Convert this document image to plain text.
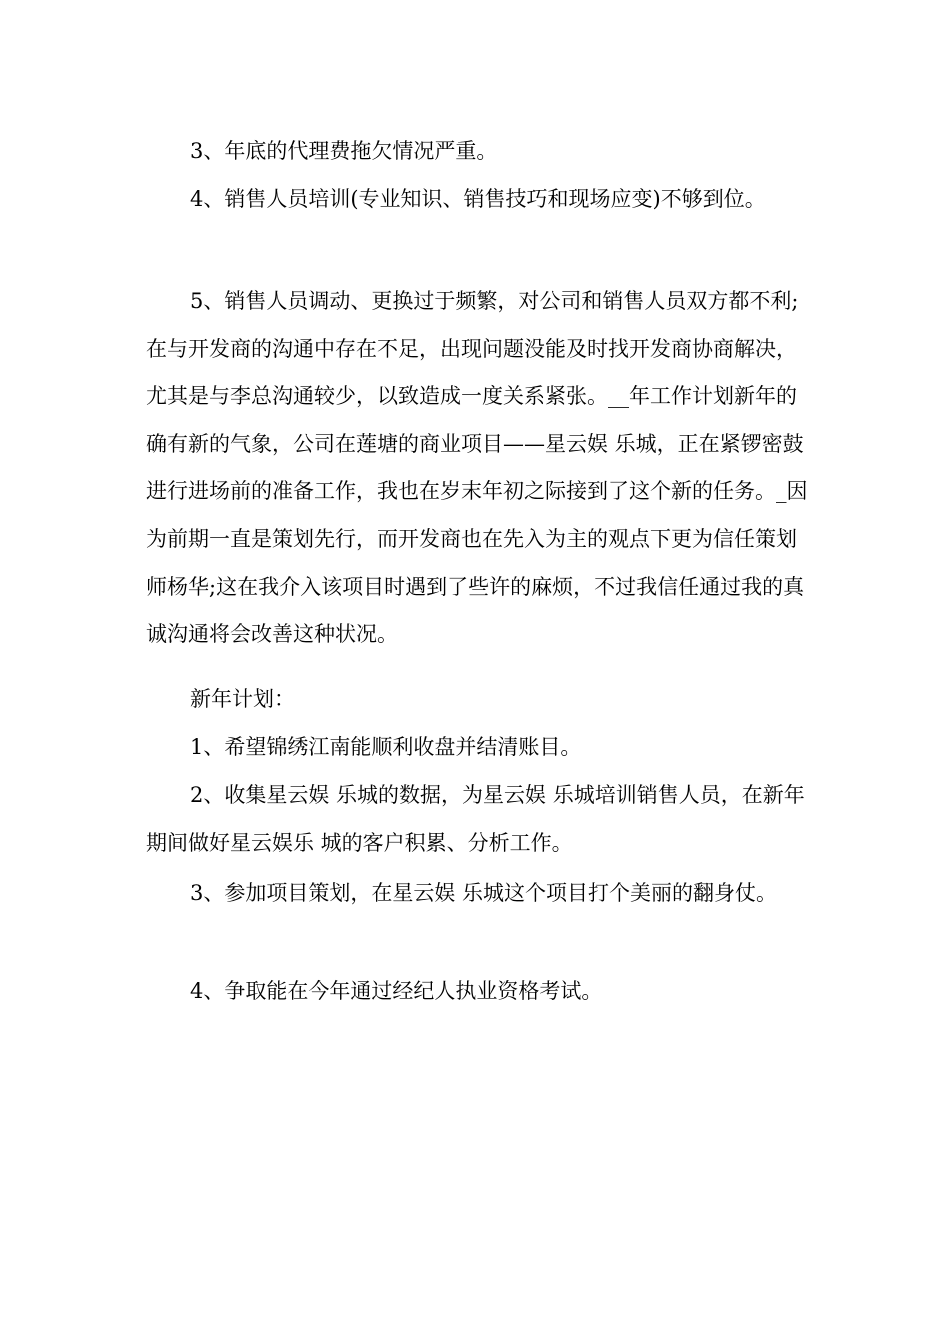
3、年底的代理费拖欠情况严重。

4、销售人员培训(专业知识、销售技巧和现场应变)不够到位。

5、销售人员调动、更换过于频繁，对公司和销售人员双方都不利;在与开发商的沟通中存在不足，出现问题没能及时找开发商协商解决，尤其是与李总沟通较少，以致造成一度关系紧张。__年工作计划新年的确有新的气象，公司在莲塘的商业项目——星云娱 乐城，正在紧锣密鼓进行进场前的准备工作，我也在岁末年初之际接到了这个新的任务。_因为前期一直是策划先行，而开发商也在先入为主的观点下更为信任策划师杨华;这在我介入该项目时遇到了些许的麻烦，不过我信任通过我的真诚沟通将会改善这种状况。

新年计划：

1、希望锦绣江南能顺利收盘并结清账目。

2、收集星云娱 乐城的数据，为星云娱 乐城培训销售人员，在新年期间做好星云娱乐 城的客户积累、分析工作。

3、参加项目策划，在星云娱 乐城这个项目打个美丽的翻身仗。

4、争取能在今年通过经纪人执业资格考试。
